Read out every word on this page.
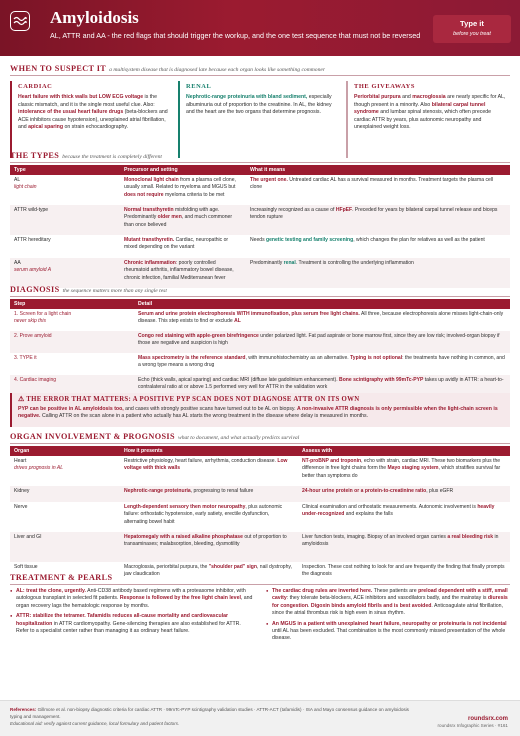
Amyloidosis
AL, ATTR and AA - the red flags that should trigger the workup, and the one test sequence that must not be reversed
Type it
before you treat
WHEN TO SUSPECT IT a multisystem disease that is diagnosed late because each organ looks like something commoner
CARDIAC

Heart failure with thick walls but LOW ECG voltage is the classic mismatch, and it is the single most useful clue. Also: intolerance of the usual heart failure drugs (beta-blockers and ACE inhibitors cause hypotension), unexplained atrial fibrillation, and apical sparing on strain echocardiography.

RENAL

Nephrotic-range proteinuria with bland sediment, especially albuminuria out of proportion to the creatinine. In AL, the kidney and the heart are the two organs that determine prognosis.

THE GIVEAWAYS

Periorbital purpura and macroglossia are nearly specific for AL, though present in a minority. Also bilateral carpal tunnel syndrome and lumbar spinal stenosis, which often precede cardiac ATTR by years, plus autonomic neuropathy and unexplained weight loss.

THE TYPES because the treatment is completely different
Type	Precursor and setting	What it means
AL
light chain	Monoclonal light chain from a plasma cell clone, usually small. Related to myeloma and MGUS but does not require myeloma criteria to be met	The urgent one. Untreated cardiac AL has a survival measured in months. Treatment targets the plasma cell clone
ATTR wild-type	Normal transthyretin misfolding with age. Predominantly older men, and much commoner than once believed	Increasingly recognized as a cause of HFpEF. Preceded for years by bilateral carpal tunnel release and biceps tendon rupture
ATTR hereditary	Mutant transthyretin. Cardiac, neuropathic or mixed depending on the variant	Needs genetic testing and family screening, which changes the plan for relatives as well as the patient
AA
serum amyloid A	Chronic inflammation: poorly controlled rheumatoid arthritis, inflammatory bowel disease, chronic infection, familial Mediterranean fever	Predominantly renal. Treatment is controlling the underlying inflammation
DIAGNOSIS the sequence matters more than any single test
Step	Detail
1. Screen for a light chain
never skip this	Serum and urine protein electrophoresis WITH immunofixation, plus serum free light chains. All three, because electrophoresis alone misses light-chain-only disease. This step exists to find or exclude AL
2. Prove amyloid	Congo red staining with apple-green birefringence under polarized light. Fat pad aspirate or bone marrow first, since they are low risk; involved-organ biopsy if those are negative and suspicion is high
3. TYPE it	Mass spectrometry is the reference standard, with immunohistochemistry as an alternative. Typing is not optional: the treatments have nothing in common, and a wrong type means a wrong drug
4. Cardiac imaging	Echo (thick walls, apical sparing) and cardiac MRI (diffuse late gadolinium enhancement). Bone scintigraphy with 99mTc-PYP takes up avidly in ATTR: a heart-to-contralateral ratio at or above 1.5 performed very well for ATTR in the validation work
⚠ THE ERROR THAT MATTERS: A POSITIVE PYP SCAN DOES NOT DIAGNOSE ATTR ON ITS OWN

PYP can be positive in AL amyloidosis too, and cases with strongly positive scans have turned out to be AL on biopsy. A non-invasive ATTR diagnosis is only permissible when the light-chain screen is negative. Calling ATTR on the scan alone in a patient who actually has AL starts the wrong treatment in the disease where delay is measured in months.

ORGAN INVOLVEMENT & PROGNOSIS what to document, and what actually predicts survival
Organ	How it presents	Assess with
Heart
drives prognosis in AL	Restrictive physiology, heart failure, arrhythmia, conduction disease. Low voltage with thick walls	NT-proBNP and troponin, echo with strain, cardiac MRI. These two biomarkers plus the difference in free light chains form the Mayo staging system, which stratifies survival far better than symptoms do
Kidney	Nephrotic-range proteinuria, progressing to renal failure	24-hour urine protein or a protein-to-creatinine ratio, plus eGFR
Nerve	Length-dependent sensory then motor neuropathy, plus autonomic failure: orthostatic hypotension, early satiety, erectile dysfunction, alternating bowel habit	Clinical examination and orthostatic measurements. Autonomic involvement is heavily under-recognized and explains the falls
Liver and GI	Hepatomegaly with a raised alkaline phosphatase out of proportion to transaminases; malabsorption, bleeding, dysmotility	Liver function tests, imaging. Biopsy of an involved organ carries a real bleeding risk in amyloidosis
Soft tissue	Macroglossia, periorbital purpura, the "shoulder pad" sign, nail dystrophy, jaw claudication	Inspection. These cost nothing to look for and are frequently the finding that finally prompts the diagnosis
TREATMENT & PEARLS
● AL: treat the clone, urgently. Anti-CD38 antibody based regimens with a proteasome inhibitor, with autologous transplant in selected fit patients. Response is followed by the free light chain level, and organ recovery lags the hematologic response by months.
● ATTR: stabilize the tetramer. Tafamidis reduces all-cause mortality and cardiovascular hospitalization in ATTR cardiomyopathy. Gene-silencing therapies are also established for ATTR. Refer to a specialist center rather than managing it as ordinary heart failure.
● The cardiac drug rules are inverted here. These patients are preload dependent with a stiff, small cavity: they tolerate beta-blockers, ACE inhibitors and vasodilators badly, and the mainstay is diuresis for congestion. Digoxin binds amyloid fibrils and is best avoided. Anticoagulate atrial fibrillation, since the atrial thrombus risk is high even in sinus rhythm.
● An MGUS in a patient with unexplained heart failure, neuropathy or proteinuria is not incidental until AL has been excluded. That combination is the most commonly missed presentation of the whole disease.
References: Gillmore et al. non-biopsy diagnostic criteria for cardiac ATTR · 99mTc-PYP scintigraphy validation studies · ATTR-ACT (tafamidis) · ISA and Mayo consensus guidance on amyloidosis typing and management.
Educational aid: verify against current guidance, local formulary and patient factors.
roundsrx.com
roundsrx Infographic Series · #161
